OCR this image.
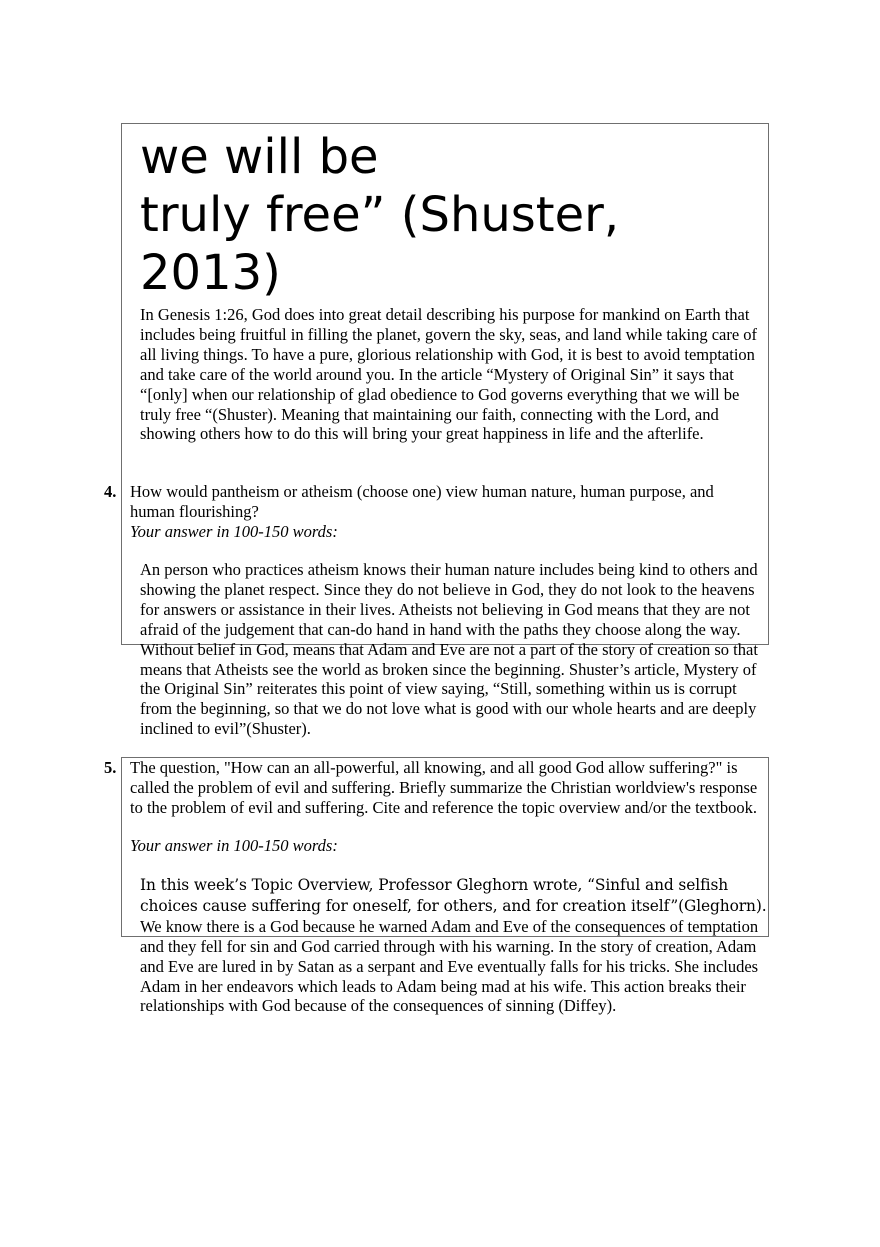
we will be
truly free” (Shuster,
2013)

In Genesis 1:26, God does into great detail describing his purpose for mankind on Earth that includes being fruitful in filling the planet, govern the sky, seas, and land while taking care of all living things. To have a pure, glorious relationship with God, it is best to avoid temptation and take care of the world around you. In the article “Mystery of Original Sin” it says that “[only] when our relationship of glad obedience to God governs everything that we will be truly free “(Shuster). Meaning that maintaining our faith, connecting with the Lord, and showing others how to do this will bring your great happiness in life and the afterlife.

4. How would pantheism or atheism (choose one) view human nature, human purpose, and human flourishing?

Your answer in 100-150 words:

An person who practices atheism knows their human nature includes being kind to others and showing the planet respect. Since they do not believe in God, they do not look to the heavens for answers or assistance in their lives. Atheists not believing in God means that they are not afraid of the judgement that can-do hand in hand with the paths they choose along the way. Without belief in God, means that Adam and Eve are not a part of the story of creation so that means that Atheists see the world as broken since the beginning. Shuster’s article, Mystery of the Original Sin” reiterates this point of view saying, “Still, something within us is corrupt from the beginning, so that we do not love what is good with our whole hearts and are deeply inclined to evil”(Shuster).

5. The question, "How can an all-powerful, all knowing, and all good God allow suffering?" is called the problem of evil and suffering. Briefly summarize the Christian worldview's response to the problem of evil and suffering. Cite and reference the topic overview and/or the textbook.

Your answer in 100-150 words:

In this week’s Topic Overview, Professor Gleghorn wrote, “Sinful and selfish choices cause suffering for oneself, for others, and for creation itself”(Gleghorn). We know there is a God because he warned Adam and Eve of the consequences of temptation and they fell for sin and God carried through with his warning. In the story of creation, Adam and Eve are lured in by Satan as a serpant and Eve eventually falls for his tricks. She includes Adam in her endeavors which leads to Adam being mad at his wife. This action breaks their relationships with God because of the consequences of sinning (Diffey).
